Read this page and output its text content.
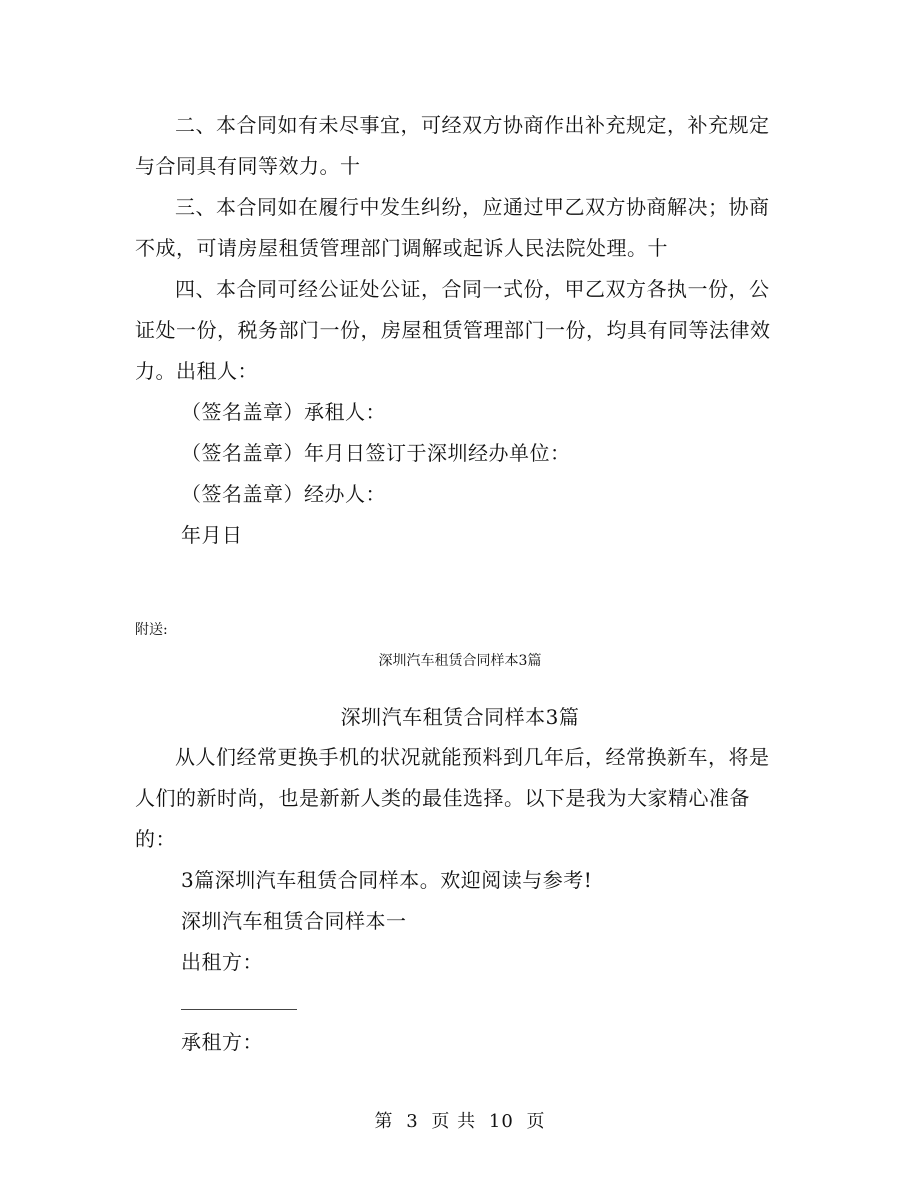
二、本合同如有未尽事宜，可经双方协商作出补充规定，补充规定与合同具有同等效力。十

三、本合同如在履行中发生纠纷，应通过甲乙双方协商解决；协商不成，可请房屋租赁管理部门调解或起诉人民法院处理。十

四、本合同可经公证处公证，合同一式份，甲乙双方各执一份，公证处一份，税务部门一份，房屋租赁管理部门一份，均具有同等法律效力。出租人：

（签名盖章）承租人：

（签名盖章）年月日签订于深圳经办单位：

（签名盖章）经办人：

年月日

附送:

深圳汽车租赁合同样本3篇

深圳汽车租赁合同样本3篇

从人们经常更换手机的状况就能预料到几年后，经常换新车，将是人们的新时尚，也是新新人类的最佳选择。以下是我为大家精心准备的：

3篇深圳汽车租赁合同样本。欢迎阅读与参考!

深圳汽车租赁合同样本一

出租方：

承租方：

第 3 页 共 10 页
